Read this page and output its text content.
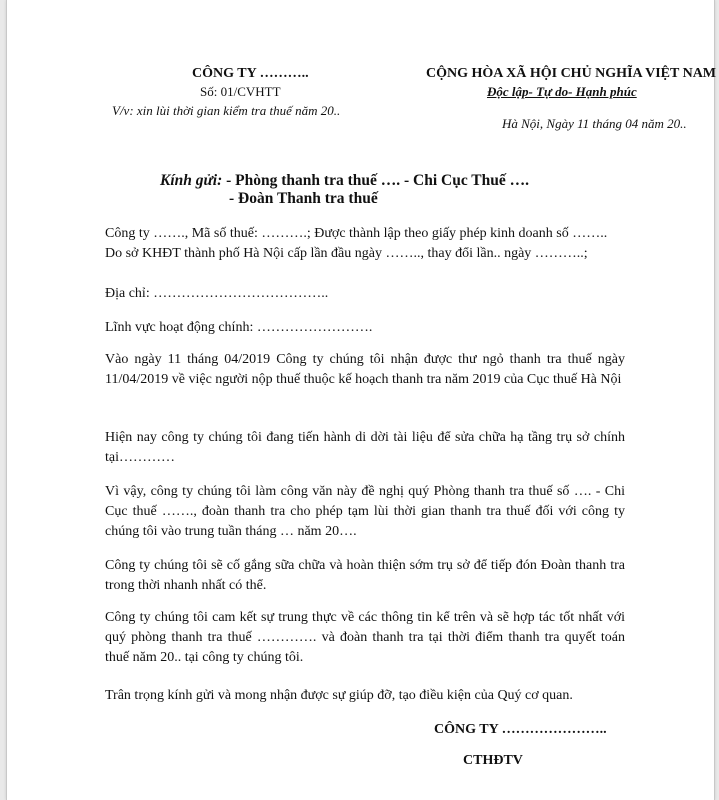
CÔNG TY ………..
Số: 01/CVHTT
V/v: xin lùi thời gian kiểm tra thuế năm 20..
CỘNG HÒA XÃ HỘI CHỦ NGHĨA VIỆT NAM
Độc lập- Tự do- Hạnh phúc
Hà Nội, Ngày 11 tháng 04 năm 20..
Kính gửi: - Phòng thanh tra thuế …. - Chi Cục Thuế ….
- Đoàn Thanh tra thuế

Công ty ……., Mã số thuế: ……….; Được thành lập theo giấy phép kinh doanh số ……..

Do sở KHĐT thành phố Hà Nội cấp lần đầu ngày …….., thay đổi lần.. ngày ………..;

Địa chỉ: ………………………………..

Lĩnh vực hoạt động chính: …………………….

Vào ngày 11 tháng 04/2019 Công ty chúng tôi nhận được thư ngỏ thanh tra thuế ngày 11/04/2019 về việc người nộp thuế thuộc kế hoạch thanh tra năm 2019 của Cục thuế Hà Nội

Hiện nay công ty chúng tôi đang tiến hành di dời tài liệu để sửa chữa hạ tầng trụ sở chính tại…………

Vì vậy, công ty chúng tôi làm công văn này đề nghị quý Phòng thanh tra thuế số …. - Chi Cục thuế ……., đoàn thanh tra cho phép tạm lùi thời gian thanh tra thuế đối với công ty chúng tôi vào trung tuần tháng … năm 20….

Công ty chúng tôi sẽ cố gắng sữa chữa và hoàn thiện sớm trụ sở để tiếp đón Đoàn thanh tra trong thời nhanh nhất có thể.

Công ty chúng tôi cam kết sự trung thực về các thông tin kể trên và sẽ hợp tác tốt nhất với quý phòng thanh tra thuế …………. và đoàn thanh tra tại thời điểm thanh tra quyết toán thuế năm 20.. tại công ty chúng tôi.

Trân trọng kính gửi và mong nhận được sự giúp đỡ, tạo điều kiện của Quý cơ quan.

CÔNG TY …………………..
CTHĐTV
